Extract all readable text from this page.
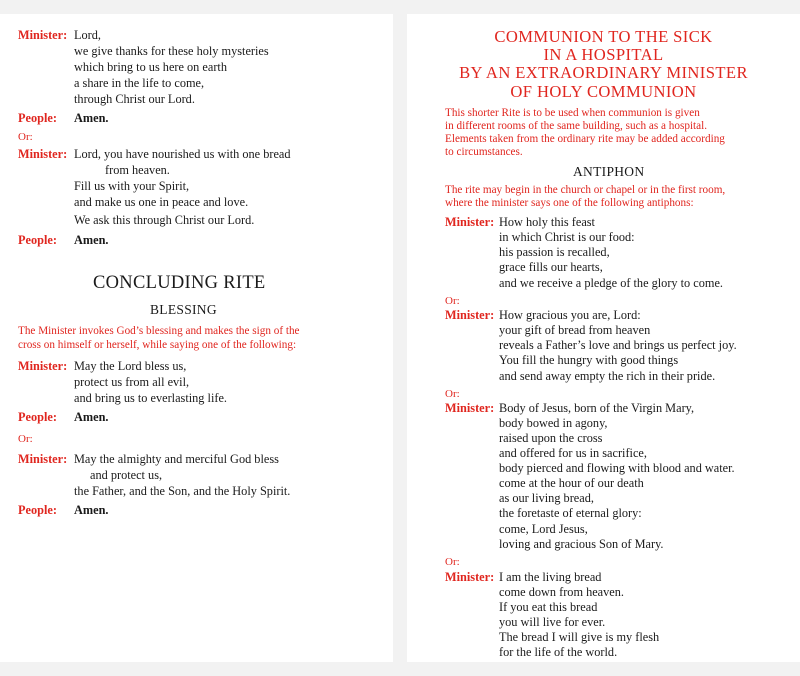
Minister: Lord,
we give thanks for these holy mysteries
which bring to us here on earth
a share in the life to come,
through Christ our Lord.
People: Amen.
Or:
Minister: Lord, you have nourished us with one bread
from heaven.
Fill us with your Spirit,
and make us one in peace and love.
We ask this through Christ our Lord.
People: Amen.
CONCLUDING RITE
BLESSING
The Minister invokes God’s blessing and makes the sign of the
cross on himself or herself, while saying one of the following:
Minister: May the Lord bless us,
protect us from all evil,
and bring us to everlasting life.
People: Amen.
Or:
Minister: May the almighty and merciful God bless
and protect us,
the Father, and the Son, and the Holy Spirit.
People: Amen.
COMMUNION TO THE SICK
IN A HOSPITAL
BY AN EXTRAORDINARY MINISTER
OF HOLY COMMUNION
This shorter Rite is to be used when communion is given
in different rooms of the same building, such as a hospital.
Elements taken from the ordinary rite may be added according
to circumstances.
ANTIPHON
The rite may begin in the church or chapel or in the first room,
where the minister says one of the following antiphons:
Minister: How holy this feast
in which Christ is our food:
his passion is recalled,
grace fills our hearts,
and we receive a pledge of the glory to come.
Or:
Minister: How gracious you are, Lord:
your gift of bread from heaven
reveals a Father’s love and brings us perfect joy.
You fill the hungry with good things
and send away empty the rich in their pride.
Or:
Minister: Body of Jesus, born of the Virgin Mary,
body bowed in agony,
raised upon the cross
and offered for us in sacrifice,
body pierced and flowing with blood and water.
come at the hour of our death
as our living bread,
the foretaste of eternal glory:
come, Lord Jesus,
loving and gracious Son of Mary.
Or:
Minister: I am the living bread
come down from heaven.
If you eat this bread
you will live for ever.
The bread I will give is my flesh
for the life of the world.
